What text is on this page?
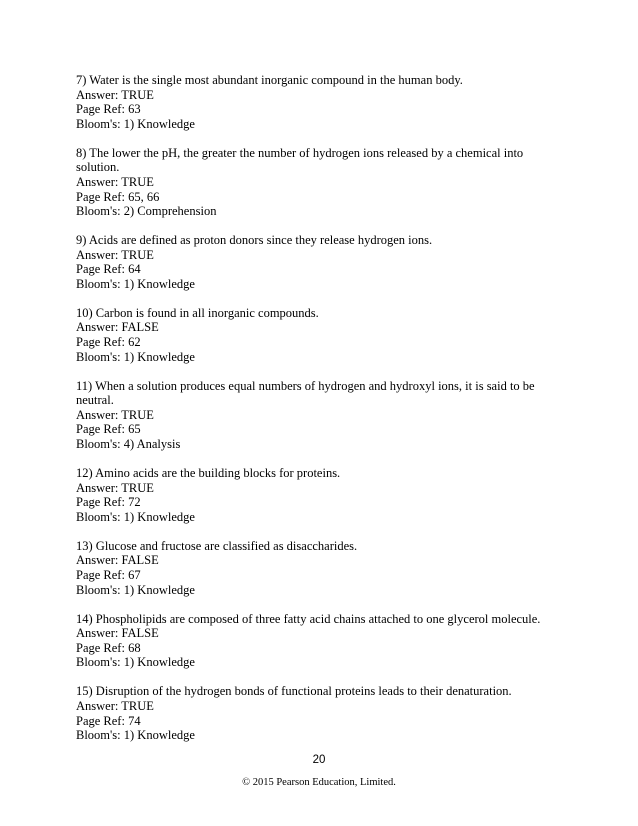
7) Water is the single most abundant inorganic compound in the human body.
Answer: TRUE
Page Ref: 63
Bloom's: 1) Knowledge
8) The lower the pH, the greater the number of hydrogen ions released by a chemical into solution.
Answer: TRUE
Page Ref: 65, 66
Bloom's: 2) Comprehension
9) Acids are defined as proton donors since they release hydrogen ions.
Answer: TRUE
Page Ref: 64
Bloom's: 1) Knowledge
10) Carbon is found in all inorganic compounds.
Answer: FALSE
Page Ref: 62
Bloom's: 1) Knowledge
11) When a solution produces equal numbers of hydrogen and hydroxyl ions, it is said to be neutral.
Answer: TRUE
Page Ref: 65
Bloom's: 4) Analysis
12) Amino acids are the building blocks for proteins.
Answer: TRUE
Page Ref: 72
Bloom's: 1) Knowledge
13) Glucose and fructose are classified as disaccharides.
Answer: FALSE
Page Ref: 67
Bloom's: 1) Knowledge
14) Phospholipids are composed of three fatty acid chains attached to one glycerol molecule.
Answer: FALSE
Page Ref: 68
Bloom's: 1) Knowledge
15) Disruption of the hydrogen bonds of functional proteins leads to their denaturation.
Answer: TRUE
Page Ref: 74
Bloom's: 1) Knowledge
20
© 2015 Pearson Education, Limited.
